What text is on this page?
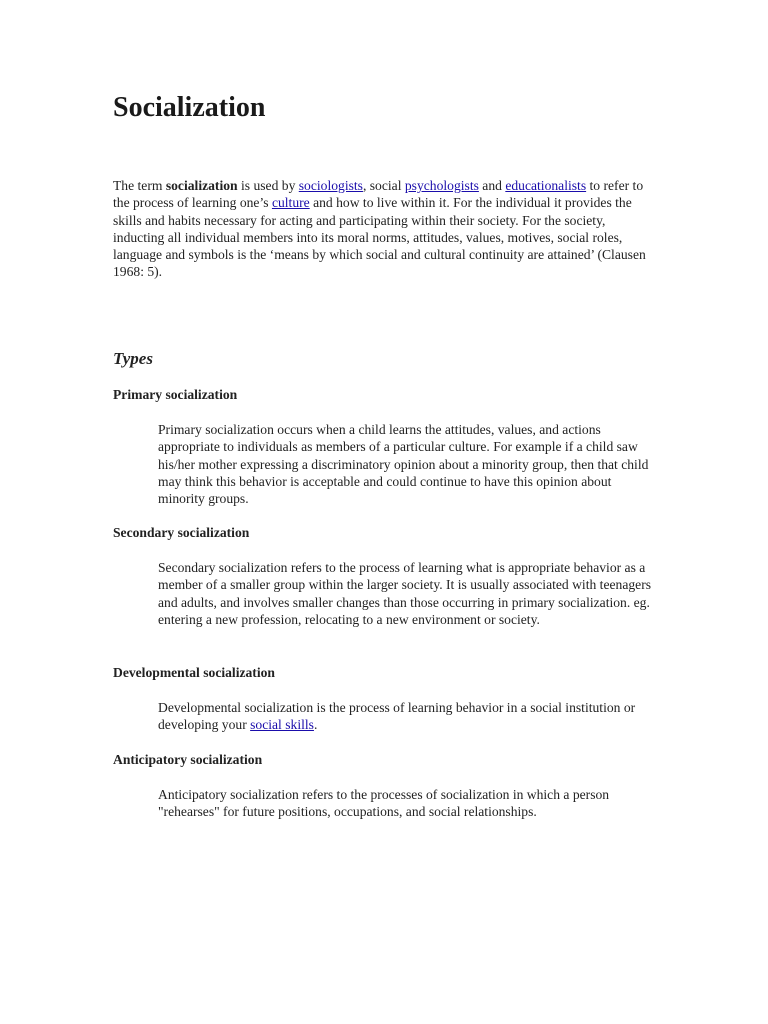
Socialization

The term socialization is used by sociologists, social psychologists and educationalists to refer to the process of learning one’s culture and how to live within it. For the individual it provides the skills and habits necessary for acting and participating within their society. For the society, inducting all individual members into its moral norms, attitudes, values, motives, social roles, language and symbols is the ‘means by which social and cultural continuity are attained’ (Clausen 1968: 5).

Types
Primary socialization

Primary socialization occurs when a child learns the attitudes, values, and actions appropriate to individuals as members of a particular culture. For example if a child saw his/her mother expressing a discriminatory opinion about a minority group, then that child may think this behavior is acceptable and could continue to have this opinion about minority groups.

Secondary socialization

Secondary socialization refers to the process of learning what is appropriate behavior as a member of a smaller group within the larger society. It is usually associated with teenagers and adults, and involves smaller changes than those occurring in primary socialization. eg. entering a new profession, relocating to a new environment or society.

Developmental socialization

Developmental socialization is the process of learning behavior in a social institution or developing your social skills.

Anticipatory socialization

Anticipatory socialization refers to the processes of socialization in which a person "rehearses" for future positions, occupations, and social relationships.
